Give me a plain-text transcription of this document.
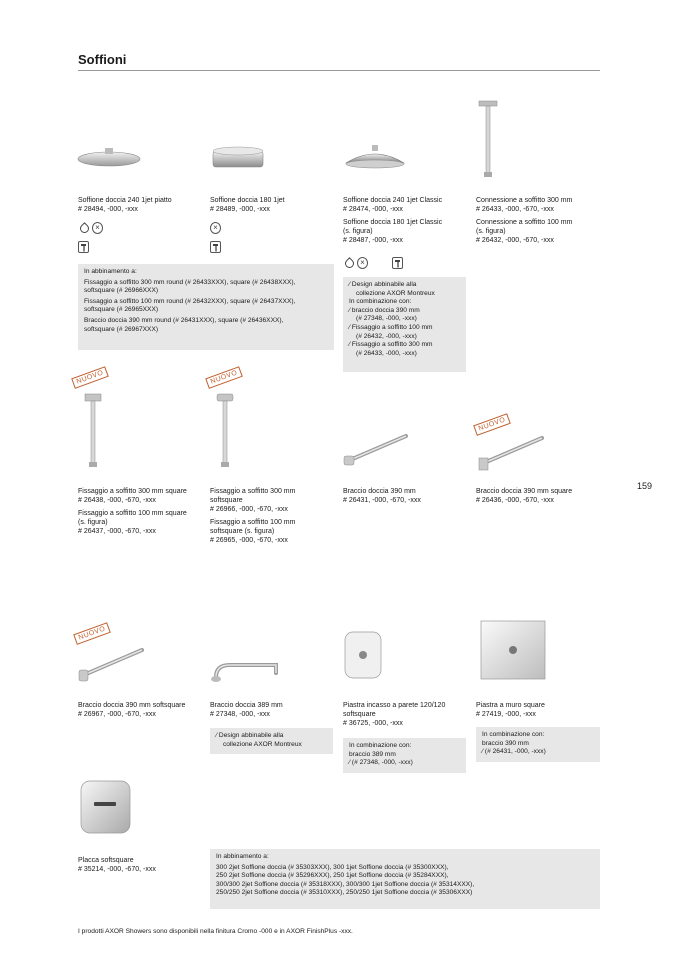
Soffioni
159
Soffione doccia 240 1jet piatto
# 28494, -000, -xxx
×
|||
Soffione doccia 180 1jet
# 28489, -000, -xxx
×
|||
Soffione doccia 240 1jet Classic
# 28474, -000, -xxx
Soffione doccia 180 1jet Classic
(s. figura)
# 28487, -000, -xxx
×
|||
Connessione a soffitto 300 mm
# 26433, -000, -670, -xxx
Connessione a soffitto 100 mm
(s. figura)
# 26432, -000, -670, -xxx
In abbinamento a:
Fissaggio a soffitto 300 mm round (# 26433XXX), square (# 26438XXX),
softsquare (# 26966XXX)
Fissaggio a soffitto 100 mm round (# 26432XXX), square (# 26437XXX),
softsquare (# 26965XXX)
Braccio doccia 390 mm round (# 26431XXX), square (# 26436XXX),
softsquare (# 26967XXX)
⁄ Design abbinabile alla
collezione AXOR Montreux
In combinazione con:
⁄ braccio doccia 390 mm
(# 27348, -000, -xxx)
⁄ Fissaggio a soffitto 100 mm
(# 26432, -000, -xxx)
⁄ Fissaggio a soffitto 300 mm
(# 26433, -000, -xxx)
NUOVO	NUOVO
NUOVO
Fissaggio a soffitto 300 mm square
# 26438, -000, -670, -xxx
Fissaggio a soffitto 100 mm square
(s. figura)
# 26437, -000, -670, -xxx
Fissaggio a soffitto 300 mm
softsquare
# 26966, -000, -670, -xxx
Fissaggio a soffitto 100 mm
softsquare (s. figura)
# 26965, -000, -670, -xxx
Braccio doccia 390 mm
# 26431, -000, -670, -xxx
Braccio doccia 390 mm square
# 26436, -000, -670, -xxx
NUOVO
Braccio doccia 390 mm softsquare
# 26967, -000, -670, -xxx
Braccio doccia 389 mm
# 27348, -000, -xxx
Piastra incasso a parete 120/120
softsquare
# 36725, -000, -xxx
Piastra a muro square
# 27419, -000, -xxx
⁄ Design abbinabile alla
collezione AXOR Montreux	In combinazione con:
braccio 389 mm
⁄ (# 27348, -000, -xxx)
In combinazione con:
braccio 390 mm
⁄ (# 26431, -000, -xxx)
Placca softsquare
# 35214, -000, -670, -xxx
In abbinamento a:
300 2jet Soffione doccia (# 35303XXX), 300 1jet Soffione doccia (# 35300XXX),
250 2jet Soffione doccia (# 35296XXX), 250 1jet Soffione doccia (# 35284XXX),
300/300 2jet Soffione doccia (# 35318XXX), 300/300 1jet Soffione doccia (# 35314XXX),
250/250 2jet Soffione doccia (# 35310XXX), 250/250 1jet Soffione doccia (# 35306XXX)
I prodotti AXOR Showers sono disponibili nella finitura Cromo -000 e in AXOR FinishPlus -xxx.
